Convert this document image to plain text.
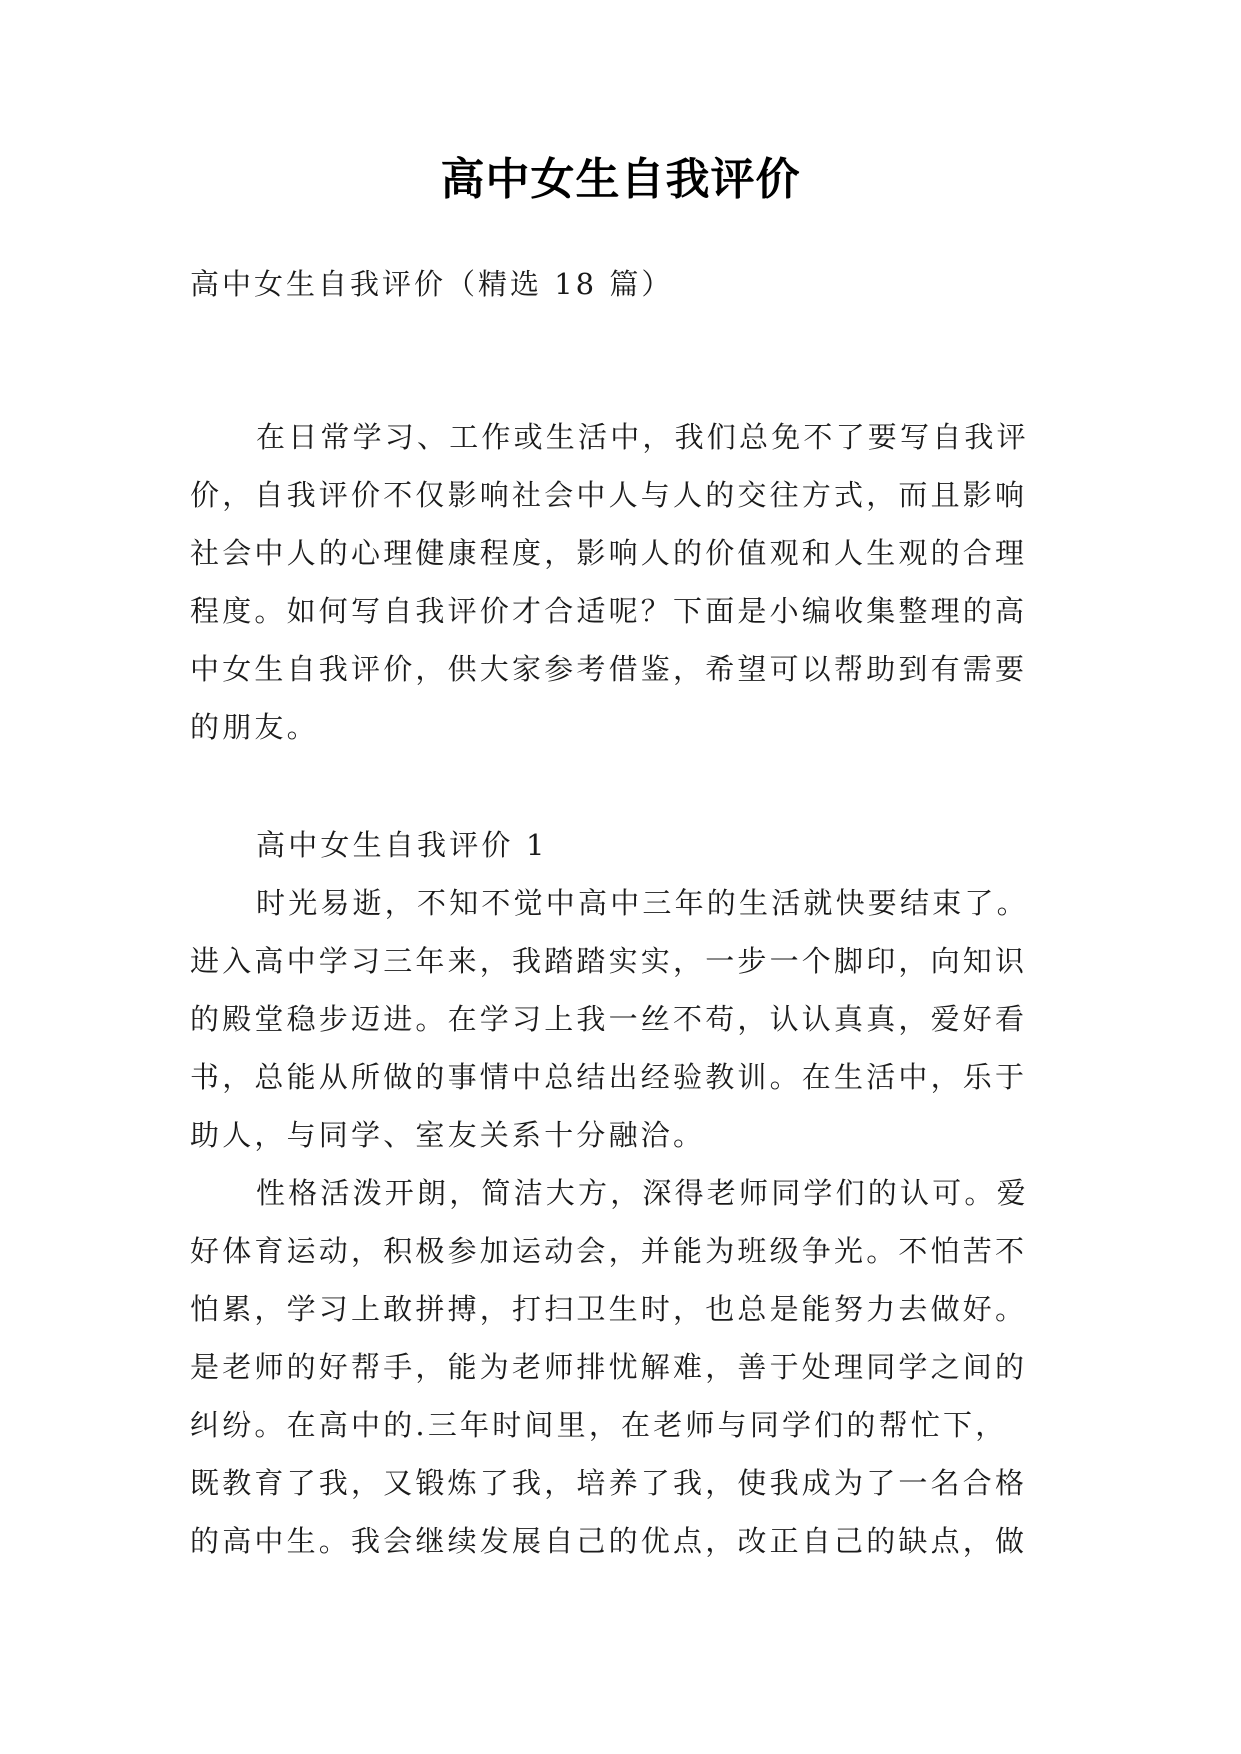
高中女生自我评价
高中女生自我评价（精选 18 篇）
在日常学习、工作或生活中，我们总免不了要写自我评
价，自我评价不仅影响社会中人与人的交往方式，而且影响
社会中人的心理健康程度，影响人的价值观和人生观的合理
程度。如何写自我评价才合适呢？下面是小编收集整理的高
中女生自我评价，供大家参考借鉴，希望可以帮助到有需要
的朋友。
高中女生自我评价 1
时光易逝，不知不觉中高中三年的生活就快要结束了。
进入高中学习三年来，我踏踏实实，一步一个脚印，向知识
的殿堂稳步迈进。在学习上我一丝不苟，认认真真，爱好看
书，总能从所做的事情中总结出经验教训。在生活中，乐于
助人，与同学、室友关系十分融洽。
性格活泼开朗，简洁大方，深得老师同学们的认可。爱
好体育运动，积极参加运动会，并能为班级争光。不怕苦不
怕累，学习上敢拼搏，打扫卫生时，也总是能努力去做好。
是老师的好帮手，能为老师排忧解难，善于处理同学之间的
纠纷。在高中的.三年时间里，在老师与同学们的帮忙下，
既教育了我，又锻炼了我，培养了我，使我成为了一名合格
的高中生。我会继续发展自己的优点，改正自己的缺点，做
